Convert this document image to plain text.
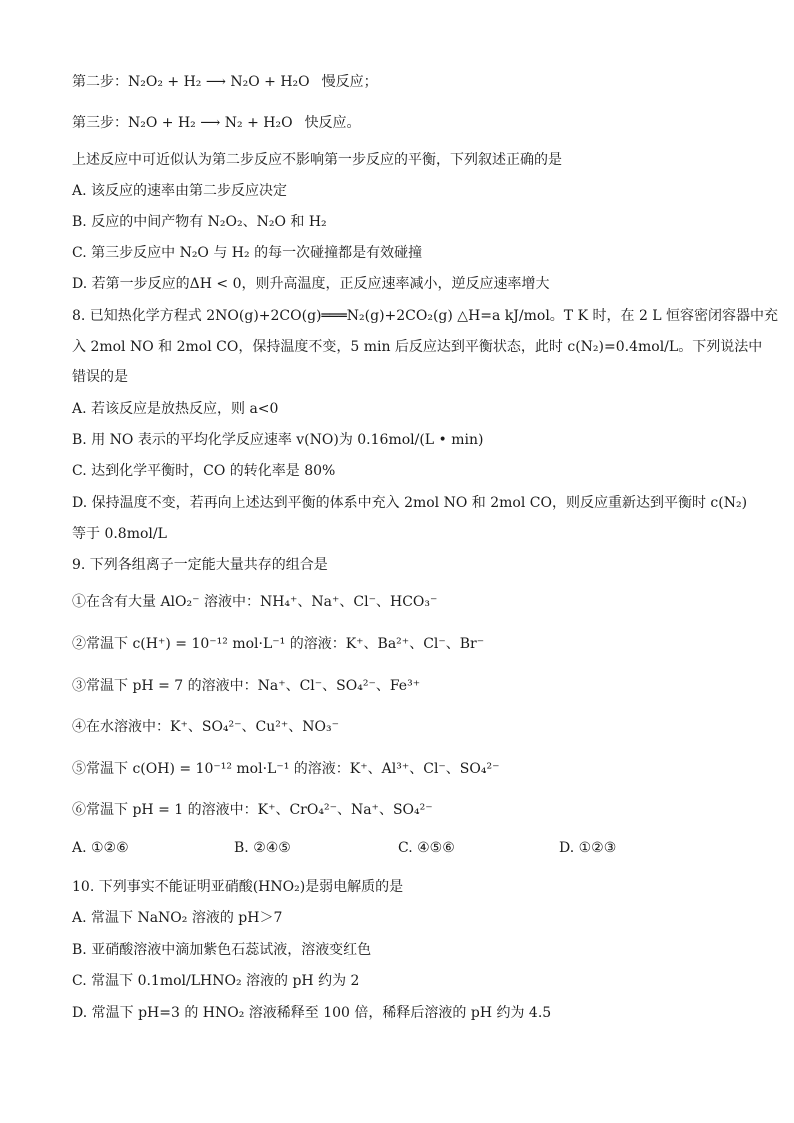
第二步：N₂O₂ + H₂ ⟶ N₂O + H₂O 慢反应；
第三步：N₂O + H₂ ⟶ N₂ + H₂O 快反应。
上述反应中可近似认为第二步反应不影响第一步反应的平衡，下列叙述正确的是
A. 该反应的速率由第二步反应决定
B. 反应的中间产物有 N₂O₂、N₂O 和 H₂
C. 第三步反应中 N₂O 与 H₂ 的每一次碰撞都是有效碰撞
D. 若第一步反应的ΔH < 0，则升高温度，正反应速率减小，逆反应速率增大
8. 已知热化学方程式 2NO(g)+2CO(g)═══N₂(g)+2CO₂(g) △H=a kJ/mol。T K 时，在 2 L 恒容密闭容器中充
入 2mol NO 和 2mol CO，保持温度不变，5 min 后反应达到平衡状态，此时 c(N₂)=0.4mol/L。下列说法中
错误的是
A. 若该反应是放热反应，则 a<0
B. 用 NO 表示的平均化学反应速率 v(NO)为 0.16mol/(L • min)
C. 达到化学平衡时，CO 的转化率是 80%
D. 保持温度不变，若再向上述达到平衡的体系中充入 2mol NO 和 2mol CO，则反应重新达到平衡时 c(N₂)
等于 0.8mol/L
9. 下列各组离子一定能大量共存的组合是
①在含有大量 AlO₂⁻ 溶液中：NH₄⁺、Na⁺、Cl⁻、HCO₃⁻
②常温下 c(H⁺) = 10⁻¹² mol·L⁻¹ 的溶液：K⁺、Ba²⁺、Cl⁻、Br⁻
③常温下 pH = 7 的溶液中：Na⁺、Cl⁻、SO₄²⁻、Fe³⁺
④在水溶液中：K⁺、SO₄²⁻、Cu²⁺、NO₃⁻
⑤常温下 c(OH) = 10⁻¹² mol·L⁻¹ 的溶液：K⁺、Al³⁺、Cl⁻、SO₄²⁻
⑥常温下 pH = 1 的溶液中：K⁺、CrO₄²⁻、Na⁺、SO₄²⁻
A. ①②⑥	B. ②④⑤	C. ④⑤⑥	D. ①②③
10. 下列事实不能证明亚硝酸(HNO₂)是弱电解质的是
A. 常温下 NaNO₂ 溶液的 pH＞7
B. 亚硝酸溶液中滴加紫色石蕊试液，溶液变红色
C. 常温下 0.1mol/LHNO₂ 溶液的 pH 约为 2
D. 常温下 pH=3 的 HNO₂ 溶液稀释至 100 倍，稀释后溶液的 pH 约为 4.5
